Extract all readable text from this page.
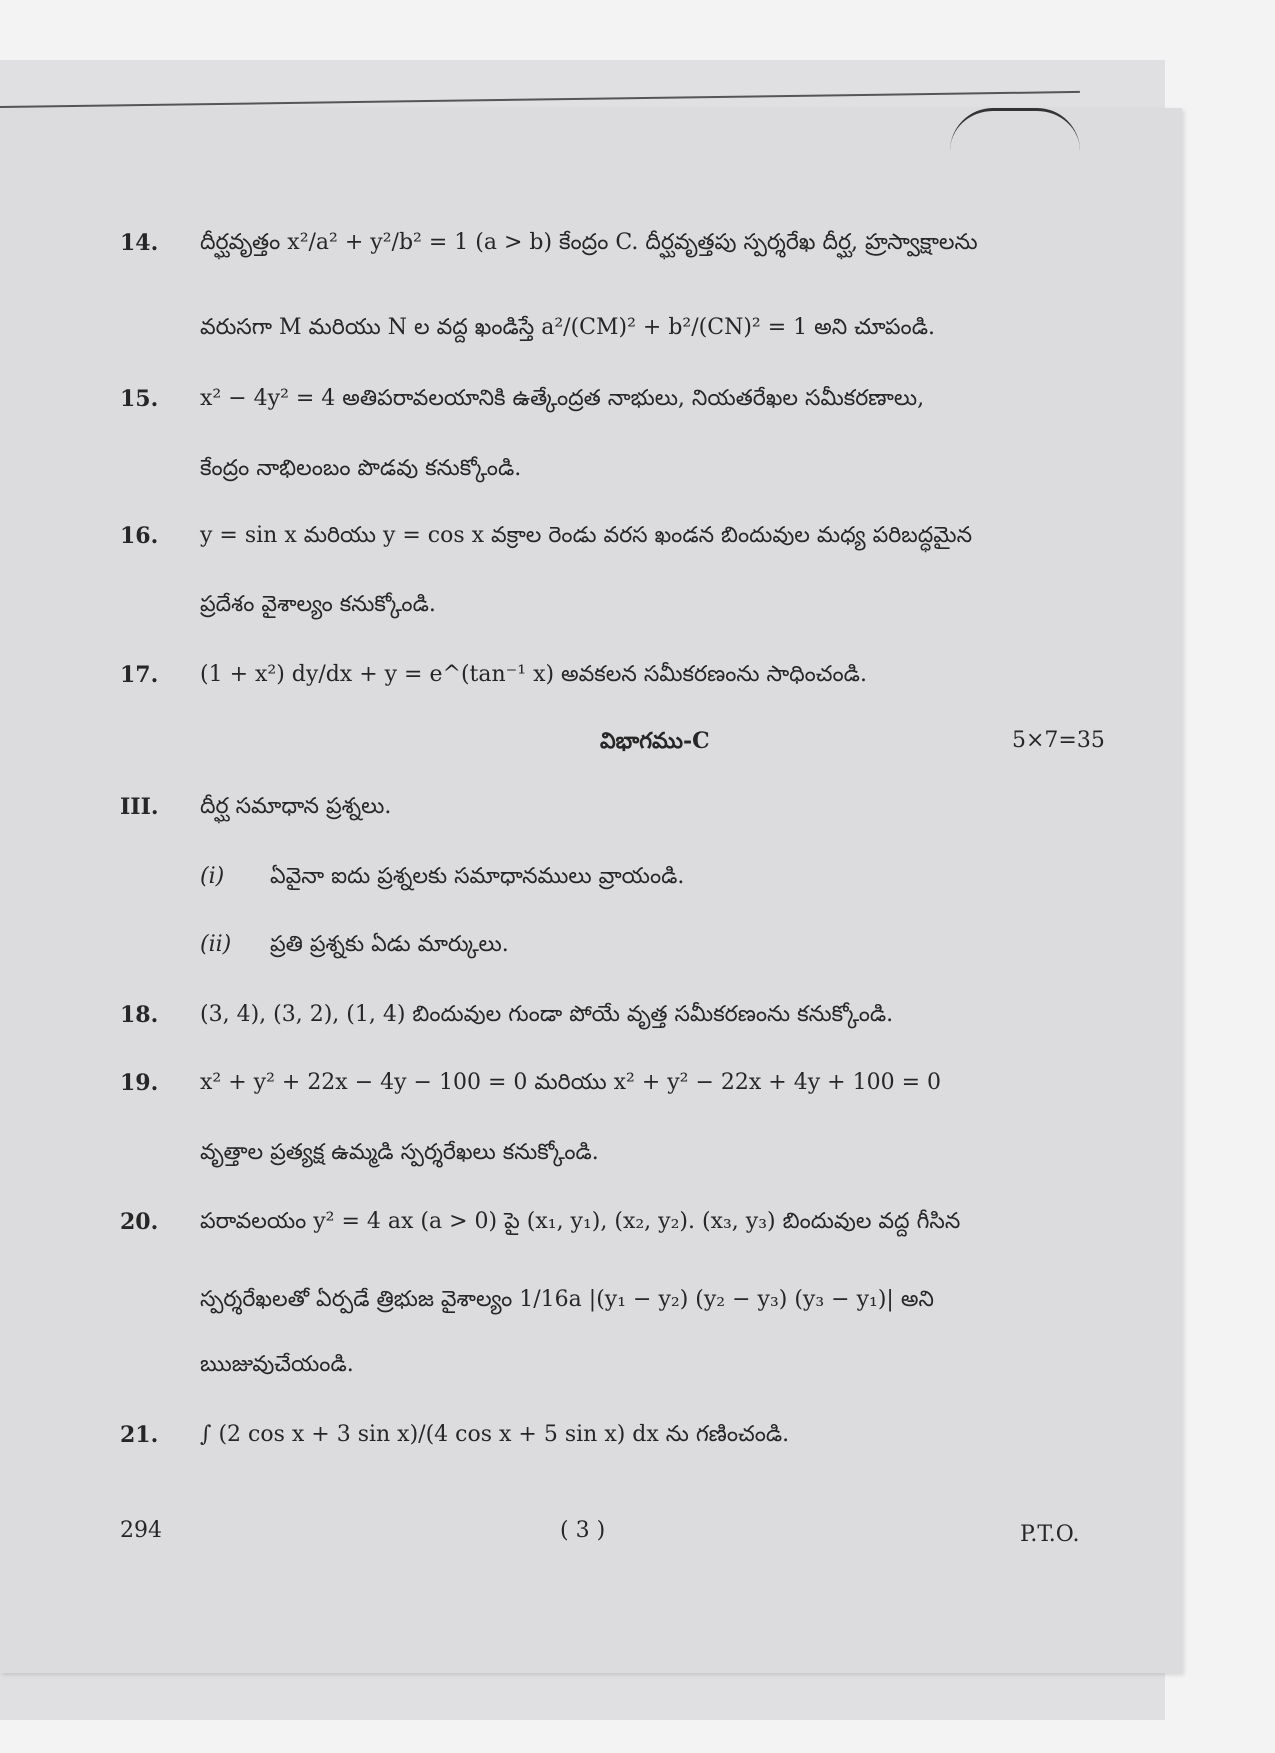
14. దీర్ఘవృత్తం x²/a² + y²/b² = 1 (a > b) కేంద్రం C. దీర్ఘవృత్తపు స్పర్శరేఖ దీర్ఘ, హ్రస్వాక్షాలను
వరుసగా M మరియు N ల వద్ద ఖండిస్తే a²/(CM)² + b²/(CN)² = 1 అని చూపండి.
15. x² − 4y² = 4 అతిపరావలయానికి ఉత్కేంద్రత నాభులు, నియతరేఖల సమీకరణాలు,
కేంద్రం నాభిలంబం పొడవు కనుక్కోండి.
16. y = sin x మరియు y = cos x వక్రాల రెండు వరస ఖండన బిందువుల మధ్య పరిబద్ధమైన
ప్రదేశం వైశాల్యం కనుక్కోండి.
17. (1 + x²) dy/dx + y = e^(tan⁻¹ x) అవకలన సమీకరణంను సాధించండి.
విభాగము-C	5×7=35
III. దీర్ఘ సమాధాన ప్రశ్నలు.
(i) ఏవైనా ఐదు ప్రశ్నలకు సమాధానములు వ్రాయండి.
(ii) ప్రతి ప్రశ్నకు ఏడు మార్కులు.
18. (3, 4), (3, 2), (1, 4) బిందువుల గుండా పోయే వృత్త సమీకరణంను కనుక్కోండి.
19. x² + y² + 22x − 4y − 100 = 0 మరియు x² + y² − 22x + 4y + 100 = 0
వృత్తాల ప్రత్యక్ష ఉమ్మడి స్పర్శరేఖలు కనుక్కోండి.
20. పరావలయం y² = 4 ax (a > 0) పై (x₁, y₁), (x₂, y₂). (x₃, y₃) బిందువుల వద్ద గీసిన
స్పర్శరేఖలతో ఏర్పడే త్రిభుజ వైశాల్యం 1/16a |(y₁ − y₂) (y₂ − y₃) (y₃ − y₁)| అని
ఋజువుచేయండి.
21. ∫ (2 cos x + 3 sin x)/(4 cos x + 5 sin x) dx ను గణించండి.
294	( 3 )	P.T.O.
